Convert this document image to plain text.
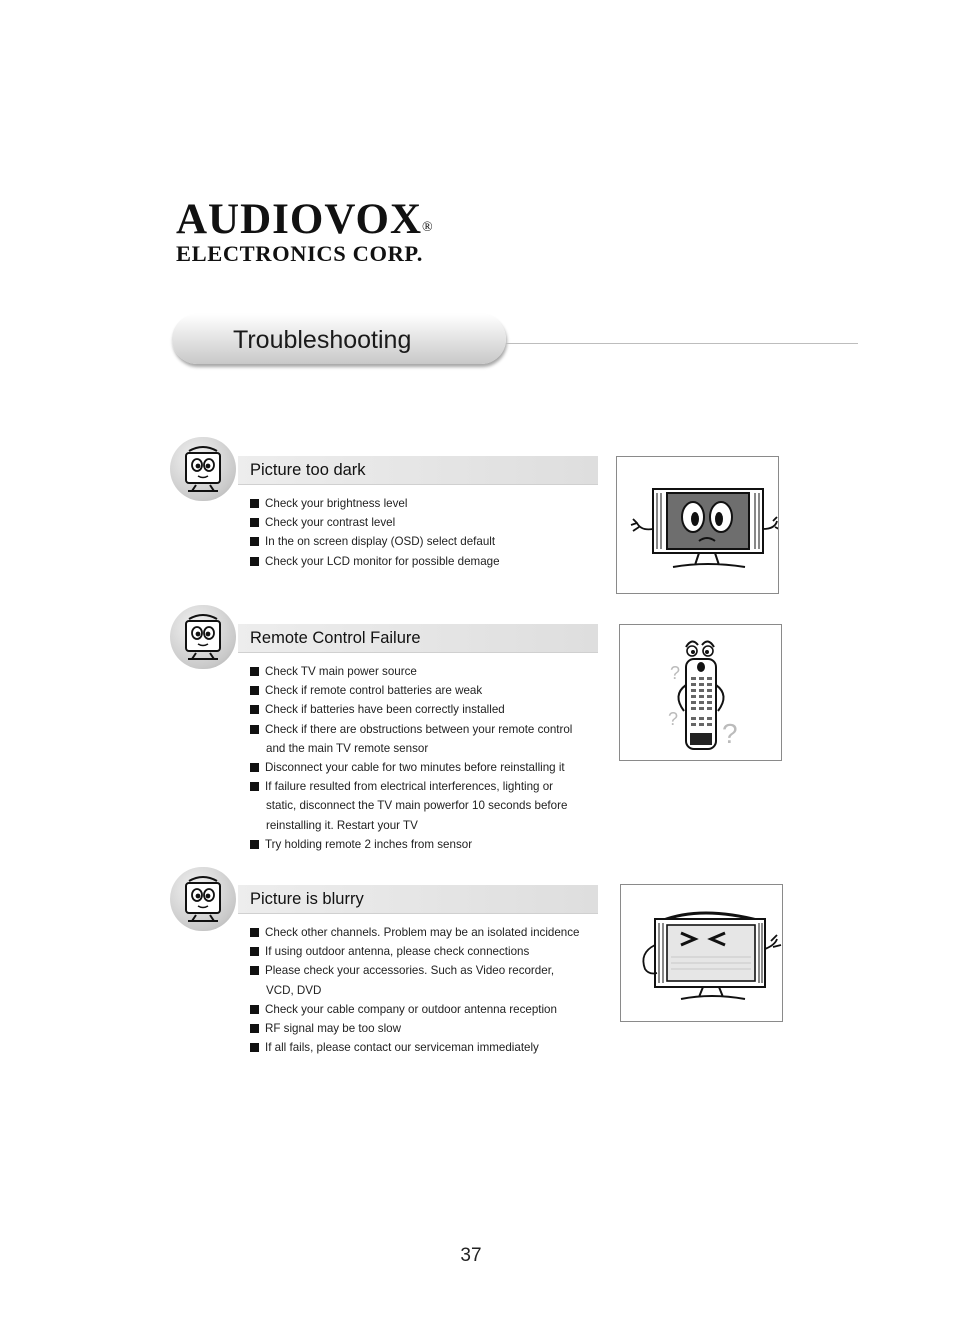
AUDIOVOX®
ELECTRONICS CORP.
Troubleshooting
Picture too dark
Check your brightness level
Check your contrast level
In the on screen display (OSD) select default
Check your LCD monitor for possible demage
Remote Control Failure
Check TV main power source
Check if remote control batteries are weak
Check if batteries have been correctly installed
Check if there are obstructions between your remote control
and the main TV remote sensor
Disconnect your cable for two minutes before reinstalling it
If failure resulted from electrical interferences, lighting or
static, disconnect the TV main powerfor 10 seconds before
reinstalling it. Restart your TV
Try holding remote 2 inches from sensor
?
? ?
Picture is blurry
Check other channels. Problem may be an isolated incidence
If using outdoor antenna, please check connections
Please check your accessories. Such as Video recorder,
VCD, DVD
Check your cable company or outdoor antenna reception
RF signal may be too slow
If all fails, please contact our serviceman immediately
37
